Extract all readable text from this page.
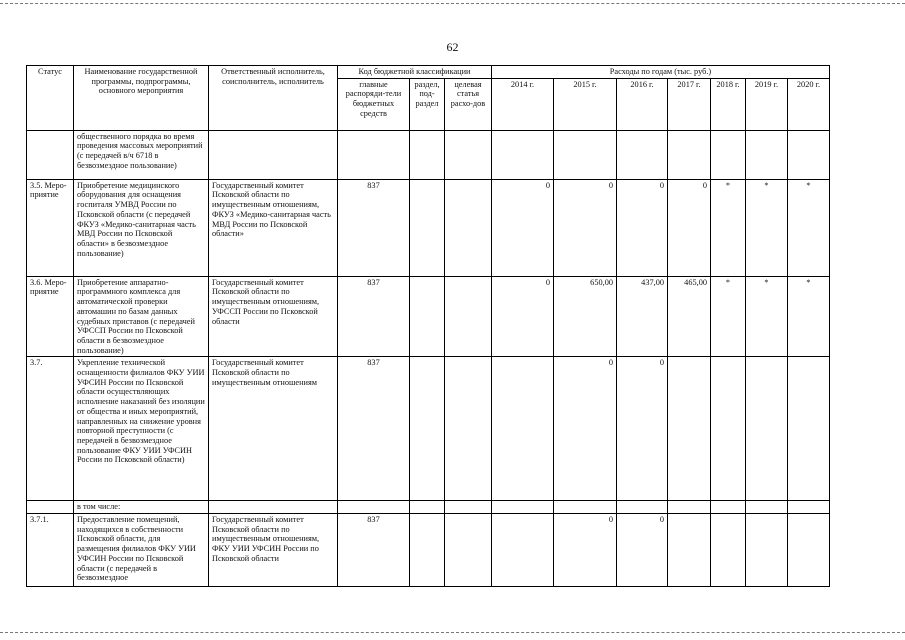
62
Статус	Наименование государственной программы, подпрограммы, основного мероприятия	Ответственный исполнитель, соисполнитель, исполнитель	Код бюджетной классификации			Расходы по годам (тыс. руб.)						
			главные распоряди-тели бюджетных средств	раздел, под-раздел	целевая статья расхо-дов	2014 г.	2015 г.	2016 г.	2017 г.	2018 г.	2019 г.	2020 г.
	общественного порядка во время проведения массовых мероприятий (с передачей в/ч 6718 в безвозмездное пользование)											
3.5. Меро-приятие	Приобретение медицинского оборудования для оснащения госпиталя УМВД России по Псковской области (с передачей ФКУЗ «Медико-санитарная часть МВД России по Псковской области» в безвозмездное пользование)	Государственный комитет Псковской области по имущественным отношениям, ФКУЗ «Медико-санитарная часть МВД России по Псковской области»	837			0	0	0	0	*	*	*
3.6. Меро-приятие	Приобретение аппаратно-программного комплекса для автоматической проверки автомашин по базам данных судебных приставов (с передачей УФССП России по Псковской области в безвозмездное пользование)	Государственный комитет Псковской области по имущественным отношениям, УФССП России по Псковской области	837			0	650,00	437,00	465,00	*	*	*
3.7.	Укрепление технической оснащенности филиалов ФКУ УИИ УФСИН России по Псковской области осуществляющих исполнение наказаний без изоляции от общества и иных мероприятий, направленных на снижение уровня повторной преступности (с передачей в безвозмездное пользование ФКУ УИИ УФСИН России по Псковской области)	Государственный комитет Псковской области по имущественным отношениям	837				0	0				
	в том числе:											
3.7.1.	Предоставление помещений, находящихся в собственности Псковской области, для размещения филиалов ФКУ УИИ УФСИН России по Псковской области (с передачей в безвозмездное	Государственный комитет Псковской области по имущественным отношениям, ФКУ УИИ УФСИН России по Псковской области	837				0	0				
